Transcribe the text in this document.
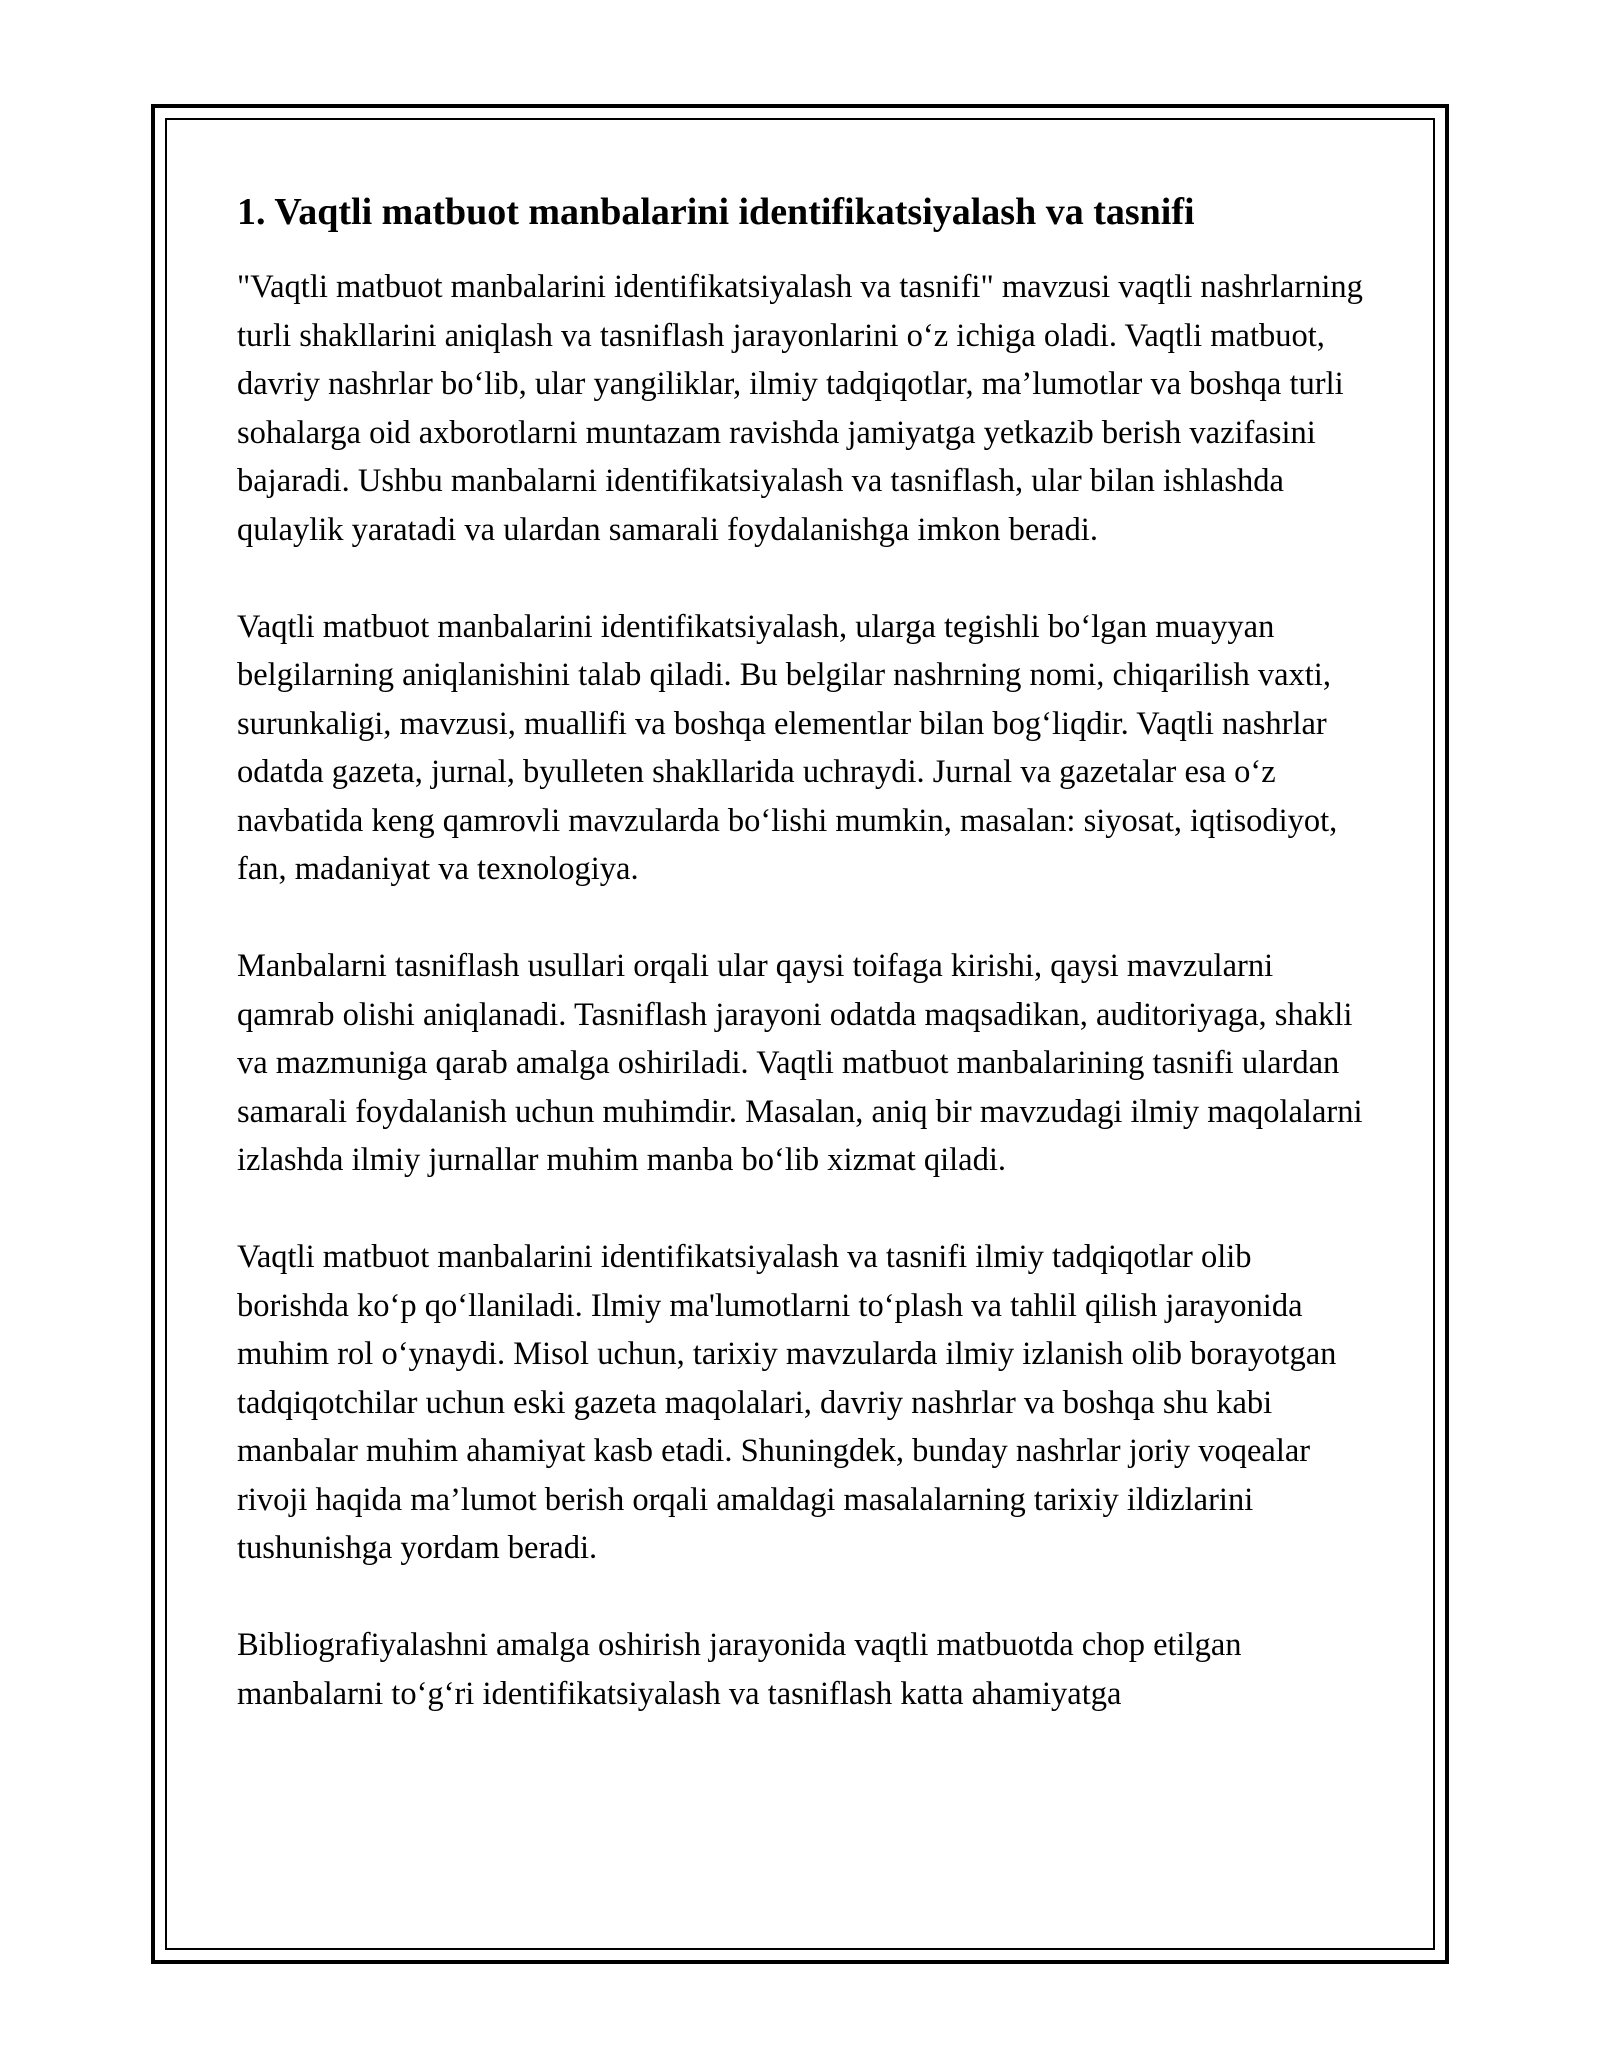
1. Vaqtli matbuot manbalarini identifikatsiyalash va tasnifi

"Vaqtli matbuot manbalarini identifikatsiyalash va tasnifi" mavzusi vaqtli nashrlarning turli shakllarini aniqlash va tasniflash jarayonlarini o‘z ichiga oladi. Vaqtli matbuot, davriy nashrlar bo‘lib, ular yangiliklar, ilmiy tadqiqotlar, ma’lumotlar va boshqa turli sohalarga oid axborotlarni muntazam ravishda jamiyatga yetkazib berish vazifasini bajaradi. Ushbu manbalarni identifikatsiyalash va tasniflash, ular bilan ishlashda qulaylik yaratadi va ulardan samarali foydalanishga imkon beradi.

Vaqtli matbuot manbalarini identifikatsiyalash, ularga tegishli bo‘lgan muayyan belgilarning aniqlanishini talab qiladi. Bu belgilar nashrning nomi, chiqarilish vaxti, surunkaligi, mavzusi, muallifi va boshqa elementlar bilan bog‘liqdir. Vaqtli nashrlar odatda gazeta, jurnal, byulleten shakllarida uchraydi. Jurnal va gazetalar esa o‘z navbatida keng qamrovli mavzularda bo‘lishi mumkin, masalan: siyosat, iqtisodiyot, fan, madaniyat va texnologiya.

Manbalarni tasniflash usullari orqali ular qaysi toifaga kirishi, qaysi mavzularni qamrab olishi aniqlanadi. Tasniflash jarayoni odatda maqsadikan, auditoriyaga, shakli va mazmuniga qarab amalga oshiriladi. Vaqtli matbuot manbalarining tasnifi ulardan samarali foydalanish uchun muhimdir. Masalan, aniq bir mavzudagi ilmiy maqolalarni izlashda ilmiy jurnallar muhim manba bo‘lib xizmat qiladi.

Vaqtli matbuot manbalarini identifikatsiyalash va tasnifi ilmiy tadqiqotlar olib borishda ko‘p qo‘llaniladi. Ilmiy ma'lumotlarni to‘plash va tahlil qilish jarayonida muhim rol o‘ynaydi. Misol uchun, tarixiy mavzularda ilmiy izlanish olib borayotgan tadqiqotchilar uchun eski gazeta maqolalari, davriy nashrlar va boshqa shu kabi manbalar muhim ahamiyat kasb etadi. Shuningdek, bunday nashrlar joriy voqealar rivoji haqida ma’lumot berish orqali amaldagi masalalarning tarixiy ildizlarini tushunishga yordam beradi.

Bibliografiyalashni amalga oshirish jarayonida vaqtli matbuotda chop etilgan manbalarni to‘g‘ri identifikatsiyalash va tasniflash katta ahamiyatga
